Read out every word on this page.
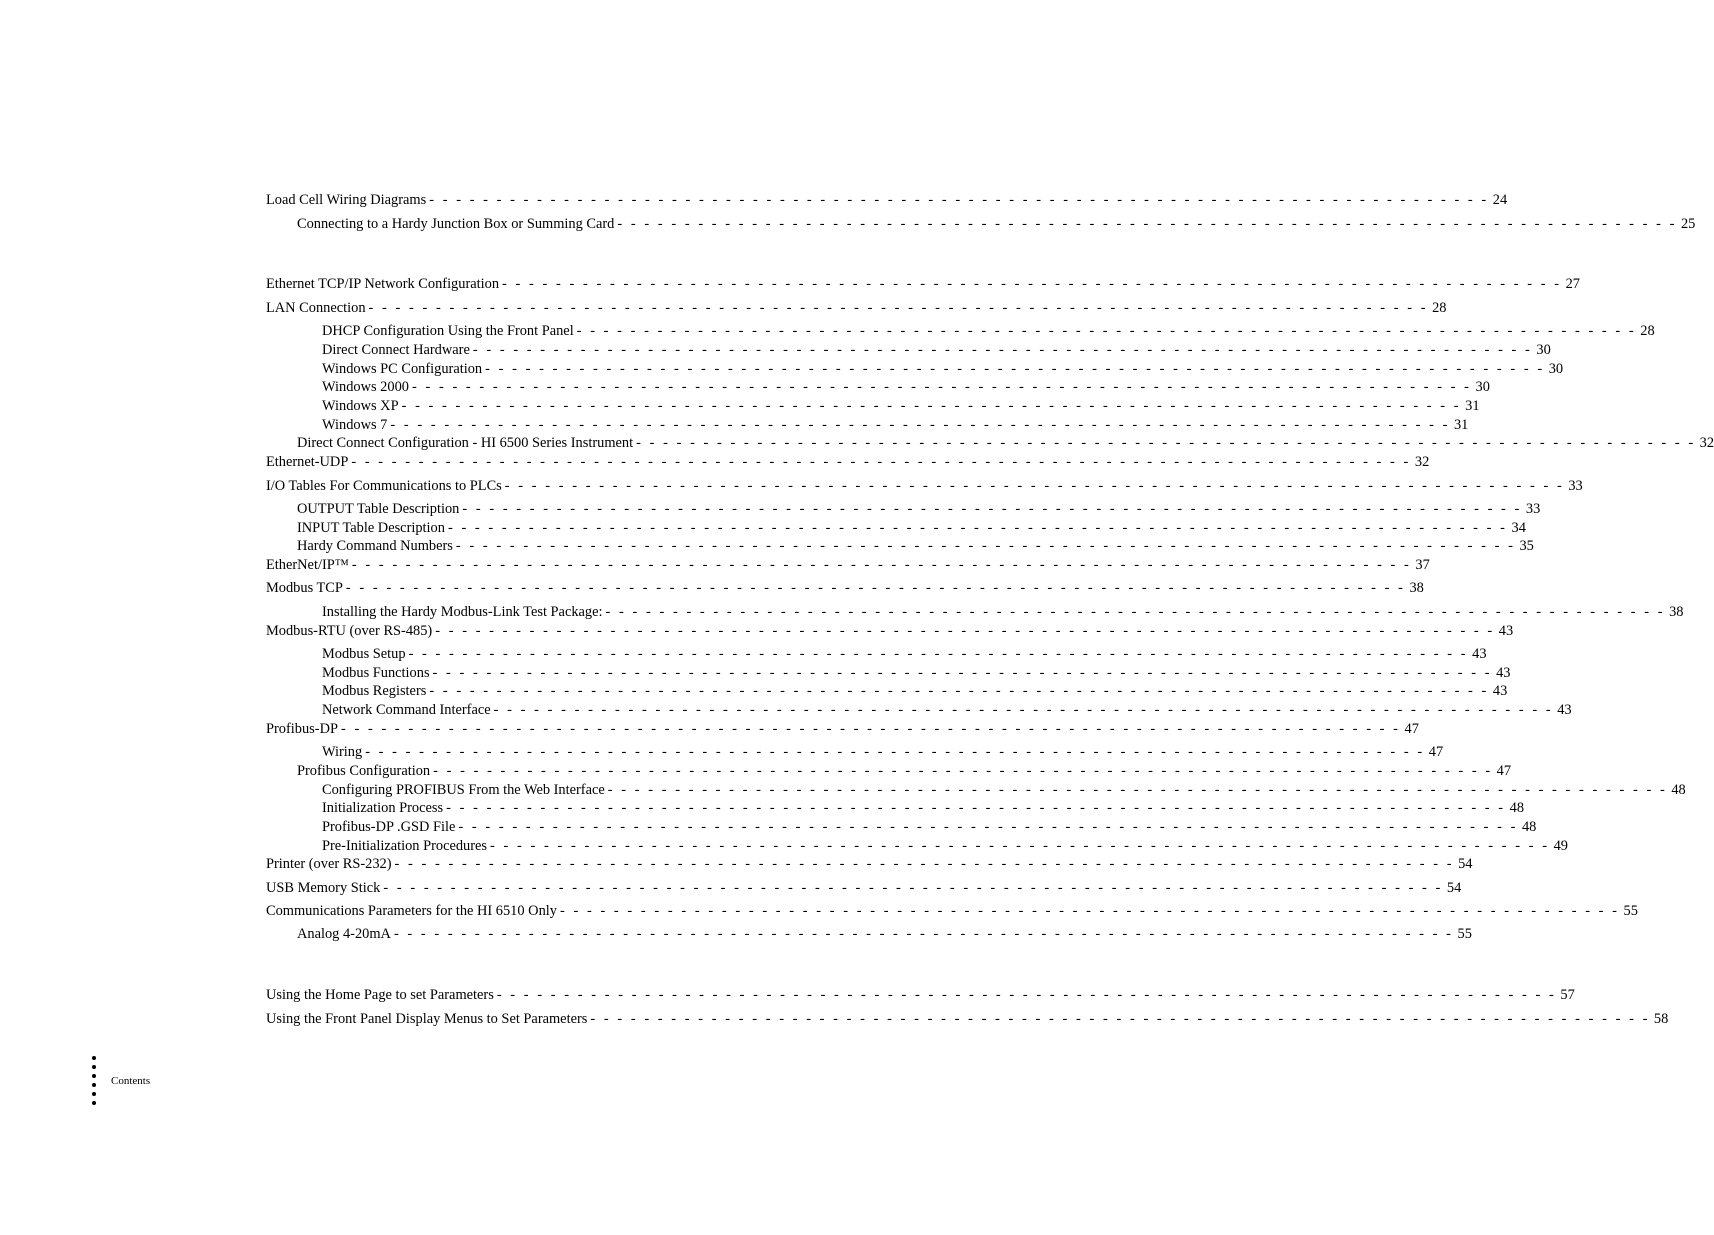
Load Cell Wiring Diagrams - - - - - - - - - - - - - - - - - - - - - - - - - - - - - - - - - - - - - - - - - - - - - - - - - - - - - - - - - - - - - - - - - - - - - - - - - - - - - - - 24
Connecting to a Hardy Junction Box or Summing Card - - - - - - - - - - - - - - - - - - - - - - - - - - - - - - - - - - - - - - - - - - - - - - - - - - - - - - - - - - - - - - - - - - - - - - - - - - - - - - - 25
Ethernet TCP/IP Network Configuration - - - - - - - - - - - - - - - - - - - - - - - - - - - - - - - - - - - - - - - - - - - - - - - - - - - - - - - - - - - - - - - - - - - - - - - - - - - - - - - 27
LAN Connection - - - - - - - - - - - - - - - - - - - - - - - - - - - - - - - - - - - - - - - - - - - - - - - - - - - - - - - - - - - - - - - - - - - - - - - - - - - - - - - 28
DHCP Configuration Using the Front Panel - - - - - - - - - - - - - - - - - - - - - - - - - - - - - - - - - - - - - - - - - - - - - - - - - - - - - - - - - - - - - - - - - - - - - - - - - - - - - - - 28
Direct Connect Hardware - - - - - - - - - - - - - - - - - - - - - - - - - - - - - - - - - - - - - - - - - - - - - - - - - - - - - - - - - - - - - - - - - - - - - - - - - - - - - - - 30
Windows PC Configuration - - - - - - - - - - - - - - - - - - - - - - - - - - - - - - - - - - - - - - - - - - - - - - - - - - - - - - - - - - - - - - - - - - - - - - - - - - - - - - - 30
Windows 2000 - - - - - - - - - - - - - - - - - - - - - - - - - - - - - - - - - - - - - - - - - - - - - - - - - - - - - - - - - - - - - - - - - - - - - - - - - - - - - - - 30
Windows XP - - - - - - - - - - - - - - - - - - - - - - - - - - - - - - - - - - - - - - - - - - - - - - - - - - - - - - - - - - - - - - - - - - - - - - - - - - - - - - - 31
Windows 7 - - - - - - - - - - - - - - - - - - - - - - - - - - - - - - - - - - - - - - - - - - - - - - - - - - - - - - - - - - - - - - - - - - - - - - - - - - - - - - - 31
Direct Connect Configuration - HI 6500 Series Instrument - - - - - - - - - - - - - - - - - - - - - - - - - - - - - - - - - - - - - - - - - - - - - - - - - - - - - - - - - - - - - - - - - - - - - - - - - - - - - - - 32
Ethernet-UDP - - - - - - - - - - - - - - - - - - - - - - - - - - - - - - - - - - - - - - - - - - - - - - - - - - - - - - - - - - - - - - - - - - - - - - - - - - - - - - - 32
I/O Tables For Communications to PLCs - - - - - - - - - - - - - - - - - - - - - - - - - - - - - - - - - - - - - - - - - - - - - - - - - - - - - - - - - - - - - - - - - - - - - - - - - - - - - - - 33
OUTPUT Table Description - - - - - - - - - - - - - - - - - - - - - - - - - - - - - - - - - - - - - - - - - - - - - - - - - - - - - - - - - - - - - - - - - - - - - - - - - - - - - - - 33
INPUT Table Description - - - - - - - - - - - - - - - - - - - - - - - - - - - - - - - - - - - - - - - - - - - - - - - - - - - - - - - - - - - - - - - - - - - - - - - - - - - - - - - 34
Hardy Command Numbers - - - - - - - - - - - - - - - - - - - - - - - - - - - - - - - - - - - - - - - - - - - - - - - - - - - - - - - - - - - - - - - - - - - - - - - - - - - - - - - 35
EtherNet/IP™ - - - - - - - - - - - - - - - - - - - - - - - - - - - - - - - - - - - - - - - - - - - - - - - - - - - - - - - - - - - - - - - - - - - - - - - - - - - - - - - 37
Modbus TCP - - - - - - - - - - - - - - - - - - - - - - - - - - - - - - - - - - - - - - - - - - - - - - - - - - - - - - - - - - - - - - - - - - - - - - - - - - - - - - - 38
Installing the Hardy Modbus-Link Test Package: - - - - - - - - - - - - - - - - - - - - - - - - - - - - - - - - - - - - - - - - - - - - - - - - - - - - - - - - - - - - - - - - - - - - - - - - - - - - - - - 38
Modbus-RTU (over RS-485) - - - - - - - - - - - - - - - - - - - - - - - - - - - - - - - - - - - - - - - - - - - - - - - - - - - - - - - - - - - - - - - - - - - - - - - - - - - - - - - 43
Modbus Setup - - - - - - - - - - - - - - - - - - - - - - - - - - - - - - - - - - - - - - - - - - - - - - - - - - - - - - - - - - - - - - - - - - - - - - - - - - - - - - - 43
Modbus Functions - - - - - - - - - - - - - - - - - - - - - - - - - - - - - - - - - - - - - - - - - - - - - - - - - - - - - - - - - - - - - - - - - - - - - - - - - - - - - - - 43
Modbus Registers - - - - - - - - - - - - - - - - - - - - - - - - - - - - - - - - - - - - - - - - - - - - - - - - - - - - - - - - - - - - - - - - - - - - - - - - - - - - - - - 43
Network Command Interface - - - - - - - - - - - - - - - - - - - - - - - - - - - - - - - - - - - - - - - - - - - - - - - - - - - - - - - - - - - - - - - - - - - - - - - - - - - - - - - 43
Profibus-DP - - - - - - - - - - - - - - - - - - - - - - - - - - - - - - - - - - - - - - - - - - - - - - - - - - - - - - - - - - - - - - - - - - - - - - - - - - - - - - - 47
Wiring - - - - - - - - - - - - - - - - - - - - - - - - - - - - - - - - - - - - - - - - - - - - - - - - - - - - - - - - - - - - - - - - - - - - - - - - - - - - - - - 47
Profibus Configuration - - - - - - - - - - - - - - - - - - - - - - - - - - - - - - - - - - - - - - - - - - - - - - - - - - - - - - - - - - - - - - - - - - - - - - - - - - - - - - - 47
Configuring PROFIBUS From the Web Interface - - - - - - - - - - - - - - - - - - - - - - - - - - - - - - - - - - - - - - - - - - - - - - - - - - - - - - - - - - - - - - - - - - - - - - - - - - - - - - - 48
Initialization Process - - - - - - - - - - - - - - - - - - - - - - - - - - - - - - - - - - - - - - - - - - - - - - - - - - - - - - - - - - - - - - - - - - - - - - - - - - - - - - - 48
Profibus-DP .GSD File - - - - - - - - - - - - - - - - - - - - - - - - - - - - - - - - - - - - - - - - - - - - - - - - - - - - - - - - - - - - - - - - - - - - - - - - - - - - - - - 48
Pre-Initialization Procedures - - - - - - - - - - - - - - - - - - - - - - - - - - - - - - - - - - - - - - - - - - - - - - - - - - - - - - - - - - - - - - - - - - - - - - - - - - - - - - - 49
Printer (over RS-232) - - - - - - - - - - - - - - - - - - - - - - - - - - - - - - - - - - - - - - - - - - - - - - - - - - - - - - - - - - - - - - - - - - - - - - - - - - - - - - - 54
USB Memory Stick - - - - - - - - - - - - - - - - - - - - - - - - - - - - - - - - - - - - - - - - - - - - - - - - - - - - - - - - - - - - - - - - - - - - - - - - - - - - - - - 54
Communications Parameters for the HI 6510 Only - - - - - - - - - - - - - - - - - - - - - - - - - - - - - - - - - - - - - - - - - - - - - - - - - - - - - - - - - - - - - - - - - - - - - - - - - - - - - - - 55
Analog 4-20mA - - - - - - - - - - - - - - - - - - - - - - - - - - - - - - - - - - - - - - - - - - - - - - - - - - - - - - - - - - - - - - - - - - - - - - - - - - - - - - - 55
Using the Home Page to set Parameters - - - - - - - - - - - - - - - - - - - - - - - - - - - - - - - - - - - - - - - - - - - - - - - - - - - - - - - - - - - - - - - - - - - - - - - - - - - - - - - 57
Using the Front Panel Display Menus to Set Parameters - - - - - - - - - - - - - - - - - - - - - - - - - - - - - - - - - - - - - - - - - - - - - - - - - - - - - - - - - - - - - - - - - - - - - - - - - - - - - - - 58
Contents
